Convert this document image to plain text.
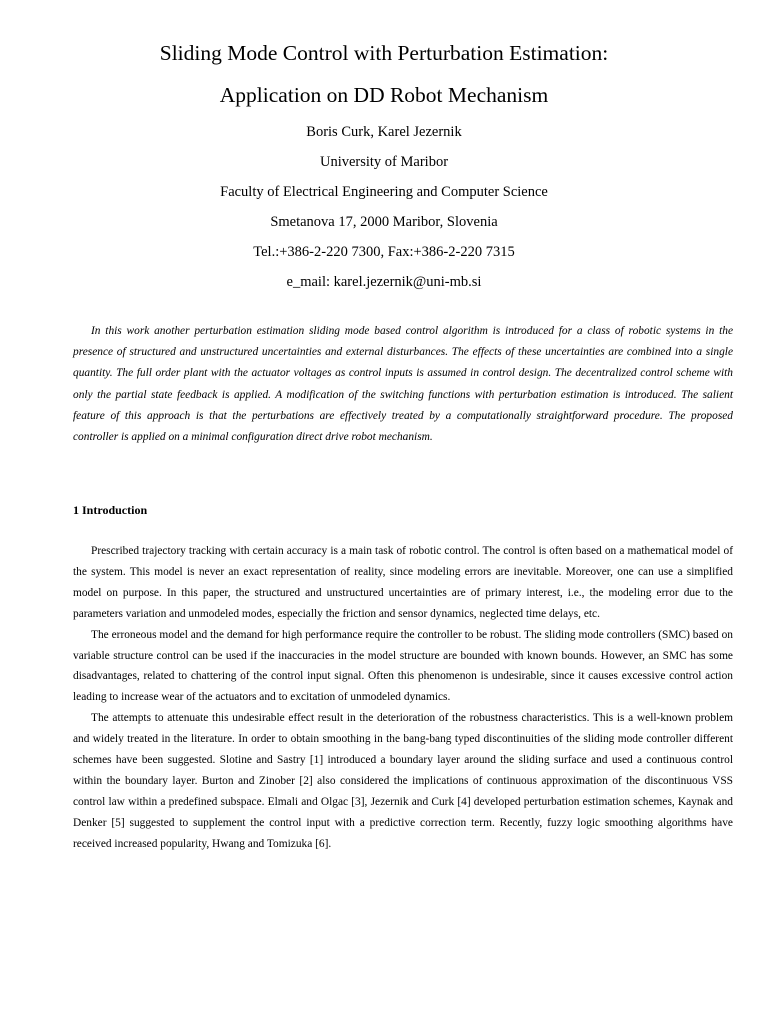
Sliding Mode Control with Perturbation Estimation:
Application on DD Robot Mechanism
Boris Curk, Karel Jezernik
University of Maribor
Faculty of Electrical Engineering and Computer Science
Smetanova 17, 2000 Maribor, Slovenia
Tel.:+386-2-220 7300, Fax:+386-2-220 7315
e_mail: karel.jezernik@uni-mb.si

In this work another perturbation estimation sliding mode based control algorithm is introduced for a class of robotic systems in the presence of structured and unstructured uncertainties and external disturbances. The effects of these uncertainties are combined into a single quantity. The full order plant with the actuator voltages as control inputs is assumed in control design. The decentralized control scheme with only the partial state feedback is applied. A modification of the switching functions with perturbation estimation is introduced. The salient feature of this approach is that the perturbations are effectively treated by a computationally straightforward procedure. The proposed controller is applied on a minimal configuration direct drive robot mechanism.

1 Introduction

Prescribed trajectory tracking with certain accuracy is a main task of robotic control. The control is often based on a mathematical model of the system. This model is never an exact representation of reality, since modeling errors are inevitable. Moreover, one can use a simplified model on purpose. In this paper, the structured and unstructured uncertainties are of primary interest, i.e., the modeling error due to the parameters variation and unmodeled modes, especially the friction and sensor dynamics, neglected time delays, etc.

The erroneous model and the demand for high performance require the controller to be robust. The sliding mode controllers (SMC) based on variable structure control can be used if the inaccuracies in the model structure are bounded with known bounds. However, an SMC has some disadvantages, related to chattering of the control input signal. Often this phenomenon is undesirable, since it causes excessive control action leading to increase wear of the actuators and to excitation of unmodeled dynamics.

The attempts to attenuate this undesirable effect result in the deterioration of the robustness characteristics. This is a well-known problem and widely treated in the literature. In order to obtain smoothing in the bang-bang typed discontinuities of the sliding mode controller different schemes have been suggested. Slotine and Sastry [1] introduced a boundary layer around the sliding surface and used a continuous control within the boundary layer. Burton and Zinober [2] also considered the implications of continuous approximation of the discontinuous VSS control law within a predefined subspace. Elmali and Olgac [3], Jezernik and Curk [4] developed perturbation estimation schemes, Kaynak and Denker [5] suggested to supplement the control input with a predictive correction term. Recently, fuzzy logic smoothing algorithms have received increased popularity, Hwang and Tomizuka [6].
